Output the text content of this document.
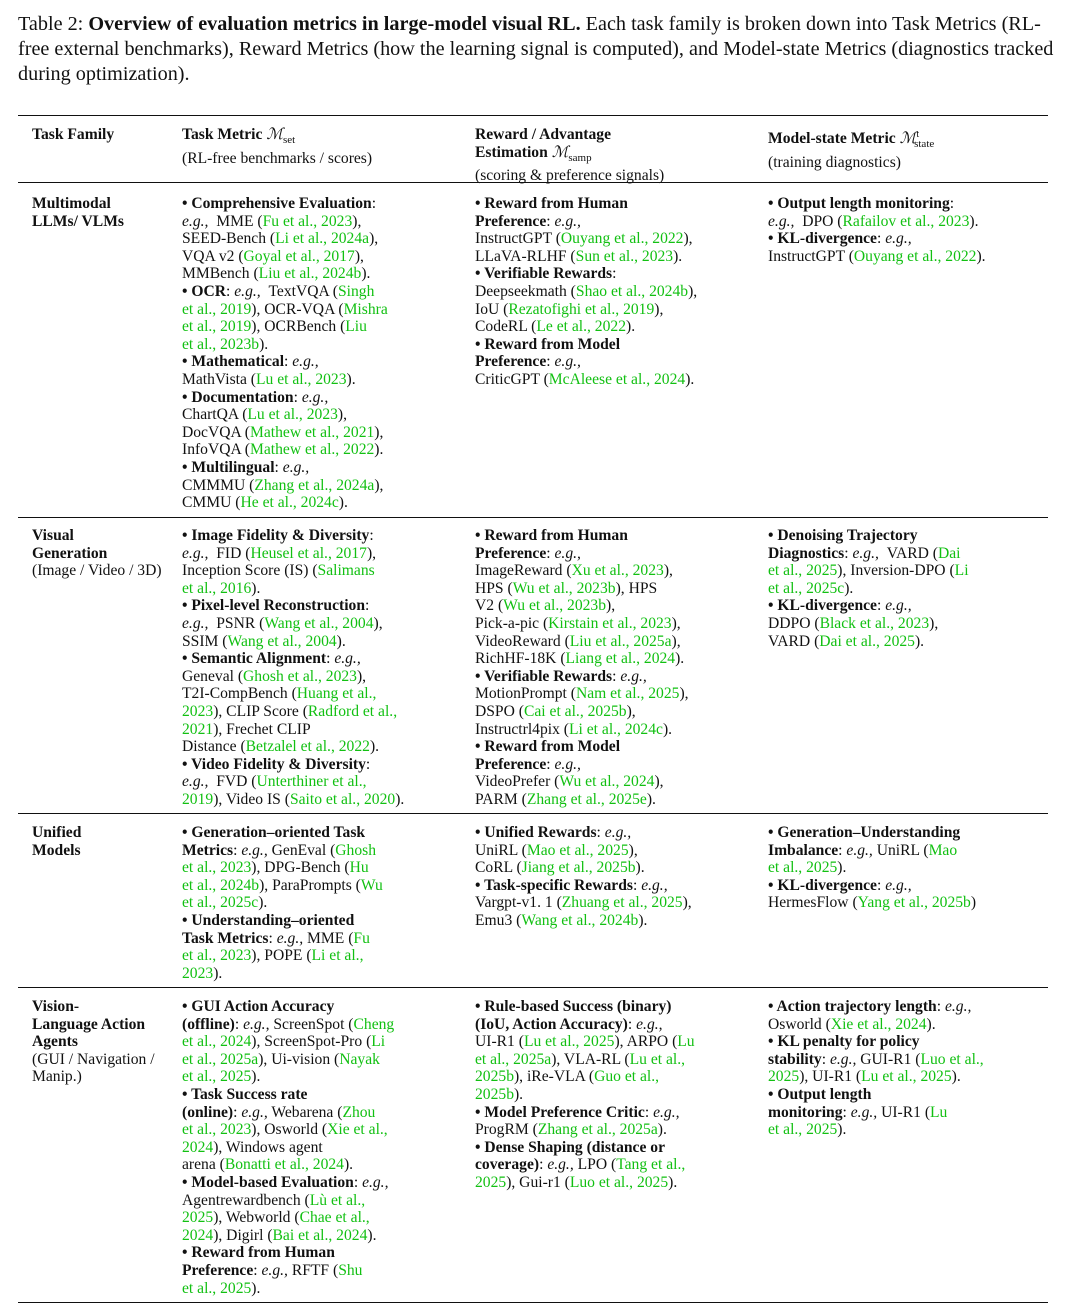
Table 2: Overview of evaluation metrics in large-model visual RL. Each task family is broken down into Task Metrics (RL-free external benchmarks), Reward Metrics (how the learning signal is computed), and Model-state Metrics (diagnostics tracked during optimization).
Task Family	Task Metric ℳ$_{set}$

(RL-free benchmarks / scores)

Reward / Advantage

Estimation ℳ$_{samp}$

(scoring & preference signals)

Model-state Metric ℳ$^t_{state}$

(training diagnostics)

Multimodal

LLMs/ VLMs

• Comprehensive Evaluation:

e.g.,  MME (Fu et al., 2023),

SEED-Bench (Li et al., 2024a),

VQA v2 (Goyal et al., 2017),

MMBench (Liu et al., 2024b).

• OCR: e.g.,  TextVQA (Singh

et al., 2019), OCR-VQA (Mishra

et al., 2019), OCRBench (Liu

et al., 2023b).

• Mathematical: e.g.,

MathVista (Lu et al., 2023).

• Documentation: e.g.,

ChartQA (Lu et al., 2023),

DocVQA (Mathew et al., 2021),

InfoVQA (Mathew et al., 2022).

• Multilingual: e.g.,

CMMMU (Zhang et al., 2024a),

CMMU (He et al., 2024c).

• Reward from Human

Preference: e.g.,

InstructGPT (Ouyang et al., 2022),

LLaVA-RLHF (Sun et al., 2023).

• Verifiable Rewards:

Deepseekmath (Shao et al., 2024b),

IoU (Rezatofighi et al., 2019),

CodeRL (Le et al., 2022).

• Reward from Model

Preference: e.g.,

CriticGPT (McAleese et al., 2024).

• Output length monitoring:

e.g.,  DPO (Rafailov et al., 2023).

• KL-divergence: e.g.,

InstructGPT (Ouyang et al., 2022).

Visual

Generation

(Image / Video / 3D)

• Image Fidelity & Diversity:

e.g.,  FID (Heusel et al., 2017),

Inception Score (IS) (Salimans

et al., 2016).

• Pixel-level Reconstruction:

e.g.,  PSNR (Wang et al., 2004),

SSIM (Wang et al., 2004).

• Semantic Alignment: e.g.,

Geneval (Ghosh et al., 2023),

T2I-CompBench (Huang et al.,

2023), CLIP Score (Radford et al.,

2021), Frechet CLIP

Distance (Betzalel et al., 2022).

• Video Fidelity & Diversity:

e.g.,  FVD (Unterthiner et al.,

2019), Video IS (Saito et al., 2020).

• Reward from Human

Preference: e.g.,

ImageReward (Xu et al., 2023),

HPS (Wu et al., 2023b), HPS

V2 (Wu et al., 2023b),

Pick-a-pic (Kirstain et al., 2023),

VideoReward (Liu et al., 2025a),

RichHF-18K (Liang et al., 2024).

• Verifiable Rewards: e.g.,

MotionPrompt (Nam et al., 2025),

DSPO (Cai et al., 2025b),

Instructrl4pix (Li et al., 2024c).

• Reward from Model

Preference: e.g.,

VideoPrefer (Wu et al., 2024),

PARM (Zhang et al., 2025e).

• Denoising Trajectory

Diagnostics: e.g.,  VARD (Dai

et al., 2025), Inversion-DPO (Li

et al., 2025c).

• KL-divergence: e.g.,

DDPO (Black et al., 2023),

VARD (Dai et al., 2025).

Unified

Models

• Generation–oriented Task

Metrics: e.g., GenEval (Ghosh

et al., 2023), DPG-Bench (Hu

et al., 2024b), ParaPrompts (Wu

et al., 2025c).

• Understanding–oriented

Task Metrics: e.g., MME (Fu

et al., 2023), POPE (Li et al.,

2023).

• Unified Rewards: e.g.,

UniRL (Mao et al., 2025),

CoRL (Jiang et al., 2025b).

• Task-specific Rewards: e.g.,

Vargpt-v1. 1 (Zhuang et al., 2025),

Emu3 (Wang et al., 2024b).

• Generation–Understanding

Imbalance: e.g., UniRL (Mao

et al., 2025).

• KL-divergence: e.g.,

HermesFlow (Yang et al., 2025b)

Vision-

Language Action Agents

(GUI / Navigation / Manip.)

• GUI Action Accuracy

(offline): e.g., ScreenSpot (Cheng

et al., 2024), ScreenSpot-Pro (Li

et al., 2025a), Ui-vision (Nayak

et al., 2025).

• Task Success rate

(online): e.g., Webarena (Zhou

et al., 2023), Osworld (Xie et al.,

2024), Windows agent

arena (Bonatti et al., 2024).

• Model-based Evaluation: e.g.,

Agentrewardbench (Lù et al.,

2025), Webworld (Chae et al.,

2024), Digirl (Bai et al., 2024).

• Reward from Human

Preference: e.g., RFTF (Shu

et al., 2025).

• Rule-based Success (binary)

(IoU, Action Accuracy): e.g.,

UI-R1 (Lu et al., 2025), ARPO (Lu

et al., 2025a), VLA-RL (Lu et al.,

2025b), iRe-VLA (Guo et al.,

2025b).

• Model Preference Critic: e.g.,

ProgRM (Zhang et al., 2025a).

• Dense Shaping (distance or

coverage): e.g., LPO (Tang et al.,

2025), Gui-r1 (Luo et al., 2025).

• Action trajectory length: e.g.,

Osworld (Xie et al., 2024).

• KL penalty for policy

stability: e.g., GUI-R1 (Luo et al.,

2025), UI-R1 (Lu et al., 2025).

• Output length

monitoring: e.g., UI-R1 (Lu

et al., 2025).
